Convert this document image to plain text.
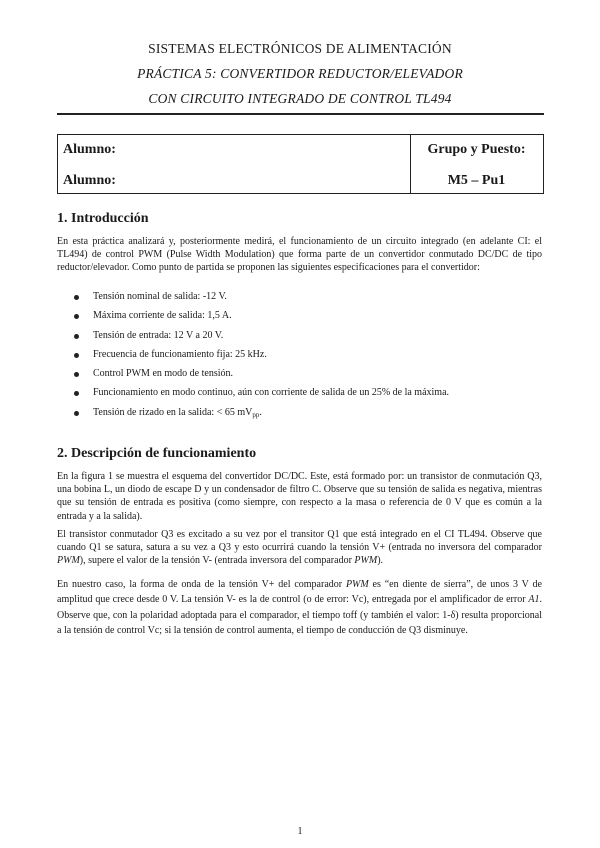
SISTEMAS ELECTRÓNICOS DE ALIMENTACIÓN
PRÁCTICA 5: CONVERTIDOR REDUCTOR/ELEVADOR
CON CIRCUITO INTEGRADO DE CONTROL TL494
Alumno:
Alumno:
Grupo y Puesto:
M5 – Pu1
1. Introducción
En esta práctica analizará y, posteriormente medirá, el funcionamiento de un circuito integrado (en adelante CI: el TL494) de control PWM (Pulse Width Modulation) que forma parte de un convertidor conmutado DC/DC de tipo reductor/elevador. Como punto de partida se proponen las siguientes especificaciones para el convertidor:
Tensión nominal de salida: -12 V.
Máxima corriente de salida: 1,5 A.
Tensión de entrada: 12 V a 20 V.
Frecuencia de funcionamiento fija: 25 kHz.
Control PWM en modo de tensión.
Funcionamiento en modo continuo, aún con corriente de salida de un 25% de la máxima.
Tensión de rizado en la salida: < 65 $mV_{pp}$.
2. Descripción de funcionamiento
En la figura 1 se muestra el esquema del convertidor DC/DC. Este, está formado por: un transistor de conmutación Q3, una bobina L, un diodo de escape D y un condensador de filtro C. Observe que su tensión de salida es negativa, mientras que su tensión de entrada es positiva (como siempre, con respecto a la masa o referencia de 0 V que es común a la entrada y a la salida).
El transistor conmutador Q3 es excitado a su vez por el transitor Q1 que está integrado en el CI TL494. Observe que cuando Q1 se satura, satura a su vez a Q3 y esto ocurrirá cuando la tensión V+ (entrada no inversora del comparador PWM), supere el valor de la tensión V- (entrada inversora del comparador PWM).
En nuestro caso, la forma de onda de la tensión V+ del comparador PWM es “en diente de sierra”, de unos 3 V de amplitud que crece desde 0 V. La tensión V- es la de control (o de error: Vc), entregada por el amplificador de error A1. Observe que, con la polaridad adoptada para el comparador, el tiempo toff (y también el valor: 1-δ) resulta proporcional a la tensión de control Vc; si la tensión de control aumenta, el tiempo de conducción de Q3 disminuye.
1
